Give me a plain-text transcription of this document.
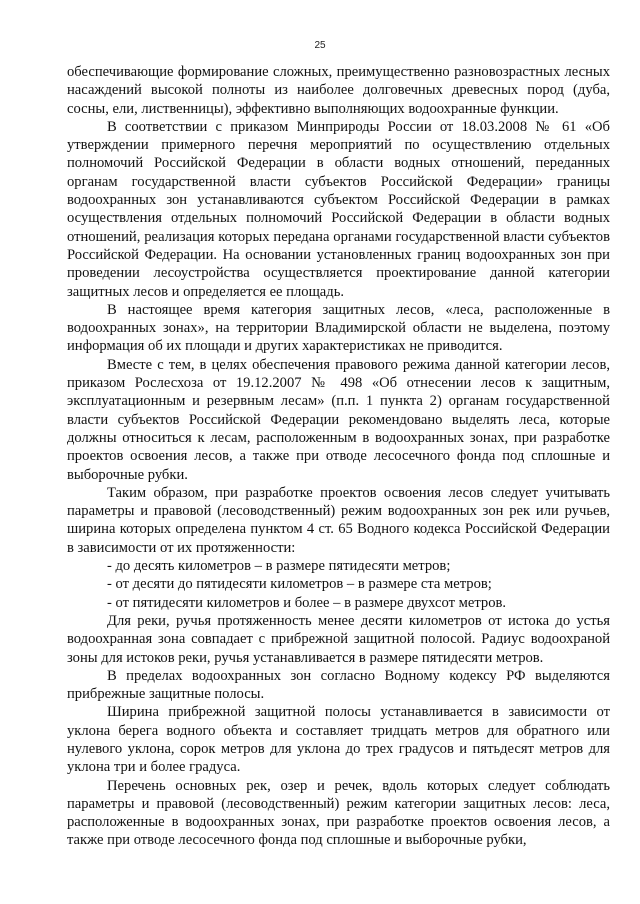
25

обеспечивающие формирование сложных, преимущественно разновозрастных лесных насаждений высокой полноты из наиболее долговечных древесных пород (дуба, сосны, ели, лиственницы), эффективно выполняющих водоохранные функции.

В соответствии с приказом Минприроды России от 18.03.2008 № 61 «Об утверждении примерного перечня мероприятий по осуществлению отдельных полномочий Российской Федерации в области водных отношений, переданных органам государственной власти субъектов Российской Федерации» границы водоохранных зон устанавливаются субъектом Российской Федерации в рамках осуществления отдельных полномочий Российской Федерации в области водных отношений, реализация которых передана органами государственной власти субъектов Российской Федерации. На основании установленных границ водоохранных зон при проведении лесоустройства осуществляется проектирование данной категории защитных лесов и определяется ее площадь.

В настоящее время категория защитных лесов, «леса, расположенные в водоохранных зонах», на территории Владимирской области не выделена, поэтому информация об их площади и других характеристиках не приводится.

Вместе с тем, в целях обеспечения правового режима данной категории лесов, приказом Рослесхоза от 19.12.2007 № 498 «Об отнесении лесов к защитным, эксплуатационным и резервным лесам» (п.п. 1 пункта 2) органам государственной власти субъектов Российской Федерации рекомендовано выделять леса, которые должны относиться к лесам, расположенным в водоохранных зонах, при разработке проектов освоения лесов, а также при отводе лесосечного фонда под сплошные и выборочные рубки.

Таким образом, при разработке проектов освоения лесов следует учитывать параметры и правовой (лесоводственный) режим водоохранных зон рек или ручьев, ширина которых определена пунктом 4 ст. 65 Водного кодекса Российской Федерации в зависимости от их протяженности:

- до десять километров – в размере пятидесяти метров;

- от десяти до пятидесяти километров – в размере ста метров;

- от пятидесяти километров и более – в размере двухсот метров.

Для реки, ручья протяженность менее десяти километров от истока до устья водоохранная зона совпадает с прибрежной защитной полосой. Радиус водоохраной зоны для истоков реки, ручья устанавливается в размере пятидесяти метров.

В пределах водоохранных зон согласно Водному кодексу РФ выделяются прибрежные защитные полосы.

Ширина прибрежной защитной полосы устанавливается в зависимости от уклона берега водного объекта и составляет тридцать метров для обратного или нулевого уклона, сорок метров для уклона до трех градусов и пятьдесят метров для уклона три и более градуса.

Перечень основных рек, озер и речек, вдоль которых следует соблюдать параметры и правовой (лесоводственный) режим категории защитных лесов: леса, расположенные в водоохранных зонах, при разработке проектов освоения лесов, а также при отводе лесосечного фонда под сплошные и выборочные рубки,
